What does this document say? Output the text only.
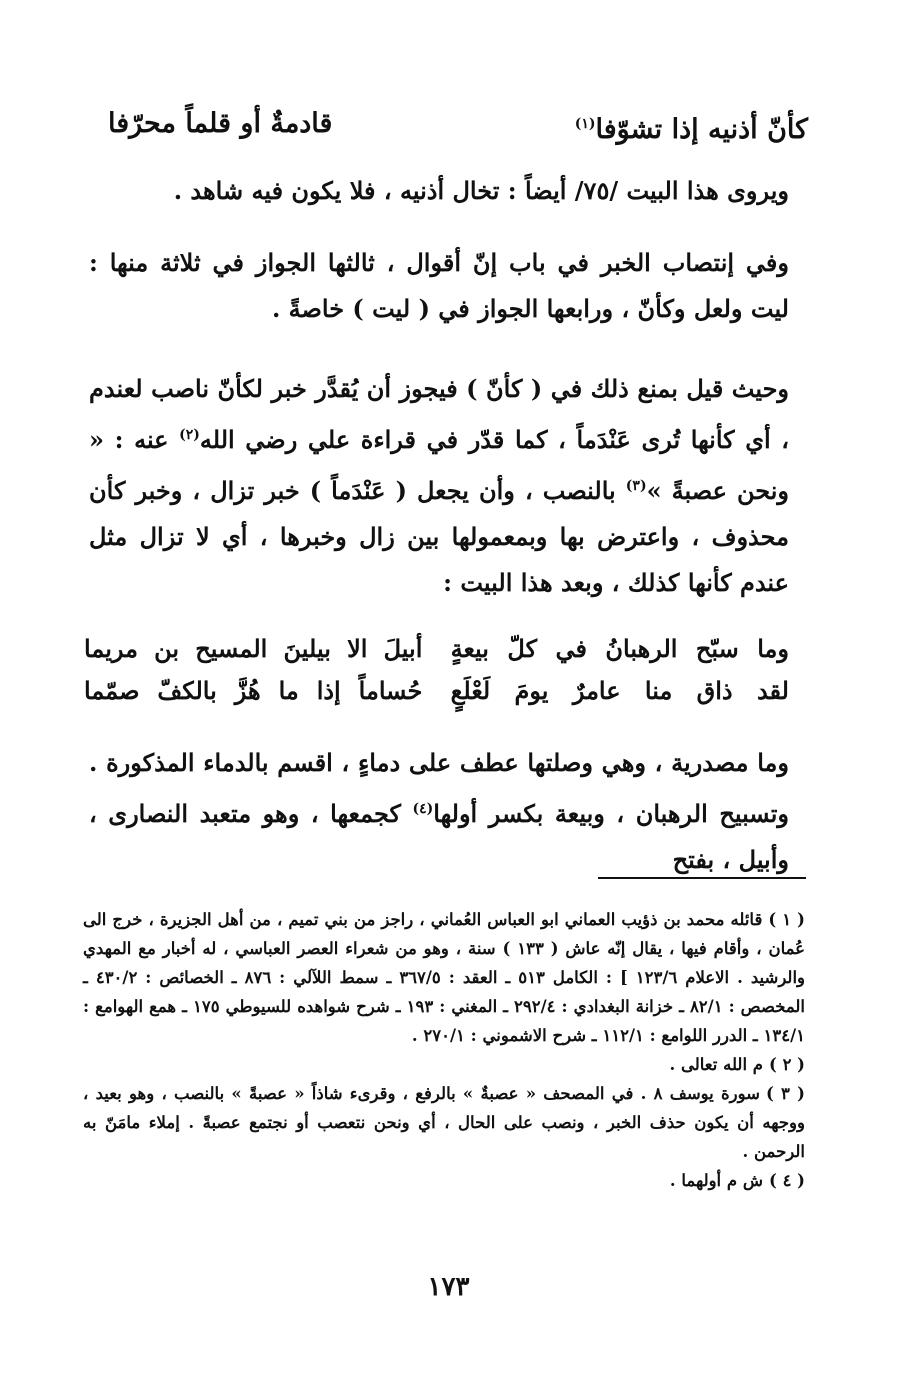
كأنّ أذنيه إذا تشوّفا$^{(١)}$
قادمةٌ أو قلماً محرّفا
ويروى هذا البيت /٧٥/ أيضاً : تخال أذنيه ، فلا يكون فيه شاهد .
وفي إنتصاب الخبر في باب إنّ أقوال ، ثالثها الجواز في ثلاثة منها : ليت ولعل وكأنّ ، ورابعها الجواز في ( ليت ) خاصةً .
وحيث قيل بمنع ذلك في ( كأنّ ) فيجوز أن يُقدَّر خبر لكأنّ ناصب لعندم ، أي كأنها تُرى عَنْدَماً ، كما قدّر في قراءة علي رضي الله$^{(٢)}$ عنه : « ونحن عصبةً »$^{(٣)}$ بالنصب ، وأن يجعل ( عَنْدَماً ) خبر تزال ، وخبر كأن محذوف ، واعترض بها وبمعمولها بين زال وخبرها ، أي لا تزال مثل عندم كأنها كذلك ، وبعد هذا البيت :
وما سبّح الرهبانُ في كلّ بيعةٍ
أبيلَ الا بيلينَ المسيح بن مريما
لقد ذاق منا عامرٌ يومَ لَعْلَعٍ
حُساماً إذا ما هُزَّ بالكفّ صمّما
وما مصدرية ، وهي وصلتها عطف على دماءٍ ، اقسم بالدماء المذكورة . وتسبيح الرهبان ، وبيعة بكسر أولها$^{(٤)}$ كجمعها ، وهو متعبد النصارى ، وأبيل ، بفتح
( ١ )قائله محمد بن ذؤيب العماني ابو العباس العُماني ، راجز من بني تميم ، من أهل الجزيرة ، خرج الى عُمان ، وأقام فيها ، يقال إنّه عاش ( ١٣٣ ) سنة ، وهو من شعراء العصر العباسي ، له أخبار مع المهدي والرشيد . الاعلام ١٢٣/٦ ] : الكامل ٥١٣ ـ العقد : ٣٦٧/٥ ـ سمط اللآلي : ٨٧٦ ـ الخصائص : ٤٣٠/٢ ـ المخصص : ٨٢/١ ـ خزانة البغدادي : ٢٩٢/٤ ـ المغني : ١٩٣ ـ شرح شواهده للسيوطي ١٧٥ ـ همع الهوامع : ١٣٤/١ ـ الدرر اللوامع : ١١٢/١ ـ شرح الاشموني : ٢٧٠/١ .
( ٢ )م الله تعالى .
( ٣ )سورة يوسف ٨ . في المصحف « عصبةٌ » بالرفع ، وقرىء شاذاً « عصبةً » بالنصب ، وهو بعيد ، ووجهه أن يكون حذف الخبر ، ونصب على الحال ، أي ونحن نتعصب أو نجتمع عصبةً . إملاء مامَنّ به الرحمن .
( ٤ )ش م أولهما .
١٧٣
